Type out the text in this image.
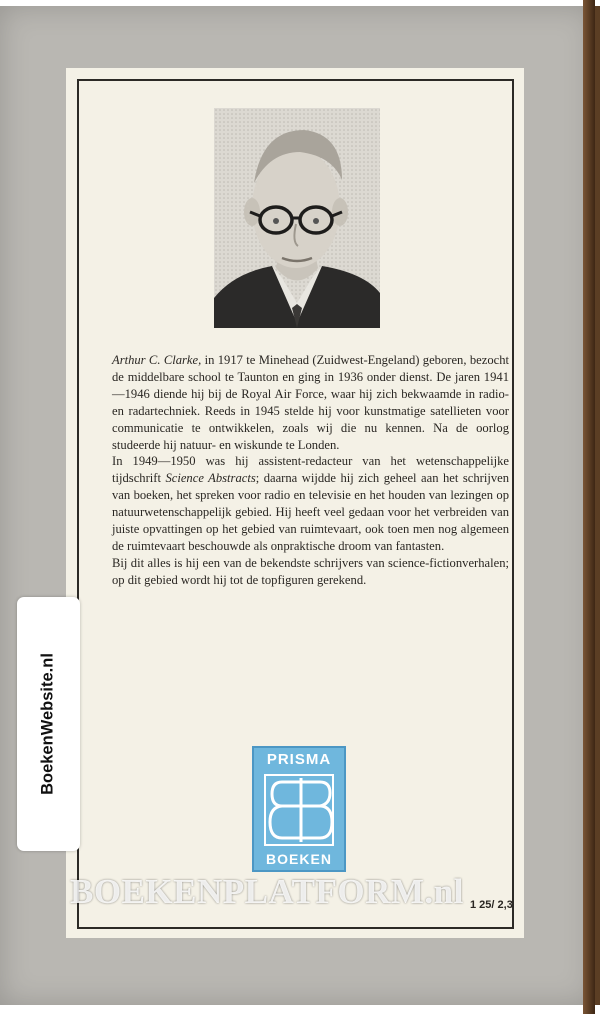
Arthur C. Clarke, in 1917 te Minehead (Zuidwest-Engeland) geboren, bezocht de middelbare school te Taunton en ging in 1936 onder dienst. De jaren 1941—1946 diende hij bij de Royal Air Force, waar hij zich bekwaamde in radio- en radartechniek. Reeds in 1945 stelde hij voor kunstmatige satellieten voor communicatie te ontwikkelen, zoals wij die nu kennen. Na de oorlog studeerde hij natuur- en wiskunde te Londen.

In 1949—1950 was hij assistent-redacteur van het wetenschappelijke tijdschrift Science Abstracts; daarna wijdde hij zich geheel aan het schrijven van boeken, het spreken voor radio en televisie en het houden van lezingen op natuurwetenschappelijk gebied. Hij heeft veel gedaan voor het verbreiden van juiste opvattingen op het gebied van ruimtevaart, ook toen men nog algemeen de ruimtevaart beschouwde als onpraktische droom van fantasten.

Bij dit alles is hij een van de bekendste schrijvers van science-fictionverhalen; op dit gebied wordt hij tot de topfiguren gerekend.

PRISMA
BOEKEN
1 25/ 2,3
BOEKENPLATFORM.nl
BoekenWebsite.nl
